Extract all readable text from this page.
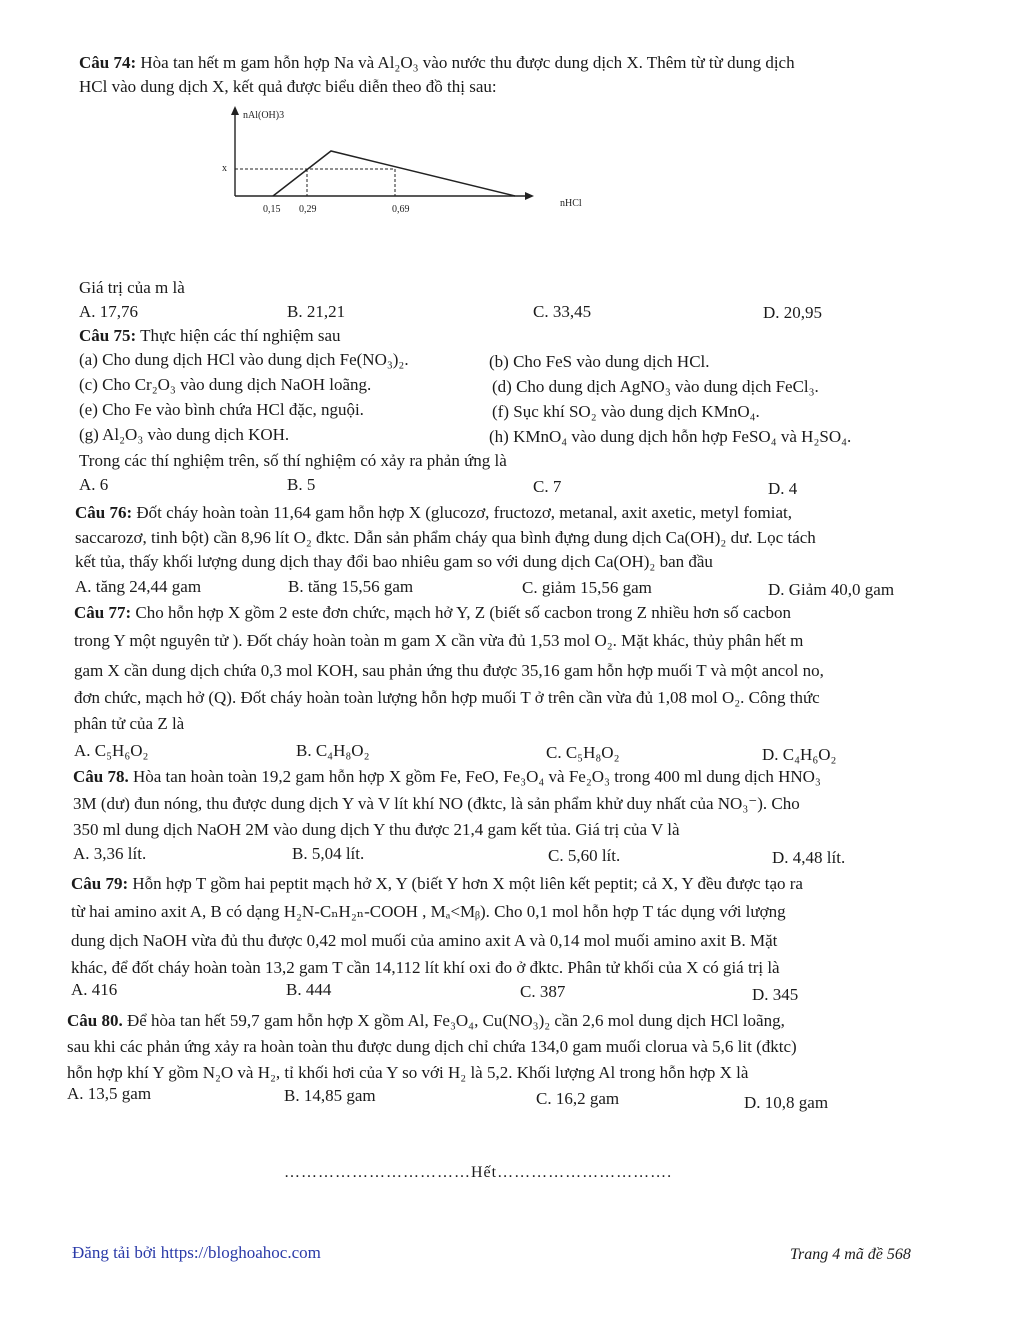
Câu 74: Hòa tan hết m gam hỗn hợp Na và Al₂O₃ vào nước thu được dung dịch X. Thêm từ từ dung dịch
HCl vào dung dịch X, kết quả được biểu diễn theo đồ thị sau:
nAl(OH)3
nHCl
x
0,15 0,29	0,69
Giá trị của m là
A. 17,76	B. 21,21	C. 33,45	D. 20,95
Câu 75: Thực hiện các thí nghiệm sau
(a) Cho dung dịch HCl vào dung dịch Fe(NO₃)₂.	(b) Cho FeS vào dung dịch HCl.
(c) Cho Cr₂O₃ vào dung dịch NaOH loãng.	(d) Cho dung dịch AgNO₃ vào dung dịch FeCl₃.
(e) Cho Fe vào bình chứa HCl đặc, nguội.	(f) Sục khí SO₂ vào dung dịch KMnO₄.
(g) Al₂O₃ vào dung dịch KOH.	(h) KMnO₄ vào dung dịch hỗn hợp FeSO₄ và H₂SO₄.
Trong các thí nghiệm trên, số thí nghiệm có xảy ra phản ứng là
A. 6	B. 5	C. 7	D. 4
Câu 76: Đốt cháy hoàn toàn 11,64 gam hỗn hợp X (glucozơ, fructozơ, metanal, axit axetic, metyl fomiat,
saccarozơ, tinh bột) cần 8,96 lít O₂ đktc. Dẫn sản phẩm cháy qua bình đựng dung dịch Ca(OH)₂ dư. Lọc tách
kết tủa, thấy khối lượng dung dịch thay đổi bao nhiêu gam so với dung dịch Ca(OH)₂ ban đầu
A. tăng 24,44 gam	B. tăng 15,56 gam	C. giảm 15,56 gam	D. Giảm 40,0 gam
Câu 77: Cho hỗn hợp X gồm 2 este đơn chức, mạch hở Y, Z (biết số cacbon trong Z nhiều hơn số cacbon
trong Y một nguyên tử ). Đốt cháy hoàn toàn m gam X cần vừa đủ 1,53 mol O₂. Mặt khác, thủy phân hết m
gam X cần dung dịch chứa 0,3 mol KOH, sau phản ứng thu được 35,16 gam hỗn hợp muối T và một ancol no,
đơn chức, mạch hở (Q). Đốt cháy hoàn toàn lượng hỗn hợp muối T ở trên cần vừa đủ 1,08 mol O₂. Công thức
phân tử của Z là
A. C₅H₆O₂	B. C₄H₈O₂	C. C₅H₈O₂	D. C₄H₆O₂
Câu 78. Hòa tan hoàn toàn 19,2 gam hỗn hợp X gồm Fe, FeO, Fe₃O₄ và Fe₂O₃ trong 400 ml dung dịch HNO₃
3M (dư) đun nóng, thu được dung dịch Y và V lít khí NO (đktc, là sản phẩm khử duy nhất của NO₃⁻). Cho
350 ml dung dịch NaOH 2M vào dung dịch Y thu được 21,4 gam kết tủa. Giá trị của V là
A. 3,36 lít.	B. 5,04 lít.	C. 5,60 lít.	D. 4,48 lít.
Câu 79: Hỗn hợp T gồm hai peptit mạch hở X, Y (biết Y hơn X một liên kết peptit; cả X, Y đều được tạo ra
từ hai amino axit A, B có dạng H₂N-CₙH₂ₙ-COOH , Mₐ<Mᵦ). Cho 0,1 mol hỗn hợp T tác dụng với lượng
dung dịch NaOH vừa đủ thu được 0,42 mol muối của amino axit A và 0,14 mol muối amino axit B. Mặt
khác, để đốt cháy hoàn toàn 13,2 gam T cần 14,112 lít khí oxi đo ở đktc. Phân tử khối của X có giá trị là
A. 416	B. 444	C. 387	D. 345
Câu 80. Để hòa tan hết 59,7 gam hỗn hợp X gồm Al, Fe₃O₄, Cu(NO₃)₂ cần 2,6 mol dung dịch HCl loãng,
sau khi các phản ứng xảy ra hoàn toàn thu được dung dịch chỉ chứa 134,0 gam muối clorua và 5,6 lit (đktc)
hỗn hợp khí Y gồm N₂O và H₂, tỉ khối hơi của Y so với H₂ là 5,2. Khối lượng Al trong hỗn hợp X là
A. 13,5 gam	B. 14,85 gam	C. 16,2 gam	D. 10,8 gam
……………………………Hết………………………….
Đăng tải bởi https://bloghoahoc.com	Trang 4 mã đề 568
